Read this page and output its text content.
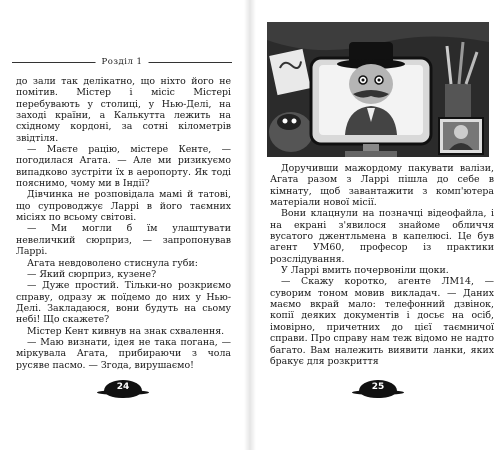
Розділ 1

до зали так делікатно, що ніхто його не помітив. Містер і місіс Містері перебувають у столиці, у Нью-Делі, на заході країни, а Калькутта лежить на східному кордоні, за сотні кілометрів звідтіля.

— Маєте рацію, містере Кенте, — погодилася Агата. — Але ми ризикуємо випадково зустріти їх в аеропорту. Як тоді пояснимо, чому ми в Індії?

Дівчинка не розповідала мамі й татові, що супроводжує Ларрі в його таємних місіях по всьому світові.

— Ми могли б їм улаштувати невеличкий сюрприз, — запропонував Ларрі.

Агата невдоволено стиснула губи:

— Який сюрприз, кузене?

— Дуже простий. Тільки-но розкриємо справу, одразу ж поїдемо до них у Нью-Делі. Закладаюся, вони будуть на сьому небі! Що скажете?

Містер Кент кивнув на знак схвалення.

— Маю визнати, ідея не така погана, — міркувала Агата, прибираючи з чола русяве пасмо. — Згода, вирушаємо!

24

Доручивши мажордому пакувати валізи, Агата разом з Ларрі пішла до себе в кімнату, щоб завантажити з комп'ютера матеріали нової місії.

Вони клацнули на позначці відеофайла, і на екрані з'явилося знайоме обличчя вусатого джентльмена в капелюсі. Це був агент УМ60, професор із практики розслідування.

У Ларрі вмить почервоніли щоки.

— Скажу коротко, агенте ЛМ14, — суворим тоном мовив викладач. — Даних маємо вкрай мало: телефонний дзвінок, копії деяких документів і досьє на осіб, імовірно, причетних до цієї таємничої справи. Про справу нам теж відомо не надто багато. Вам належить виявити ланки, яких бракує для розкриття

25
